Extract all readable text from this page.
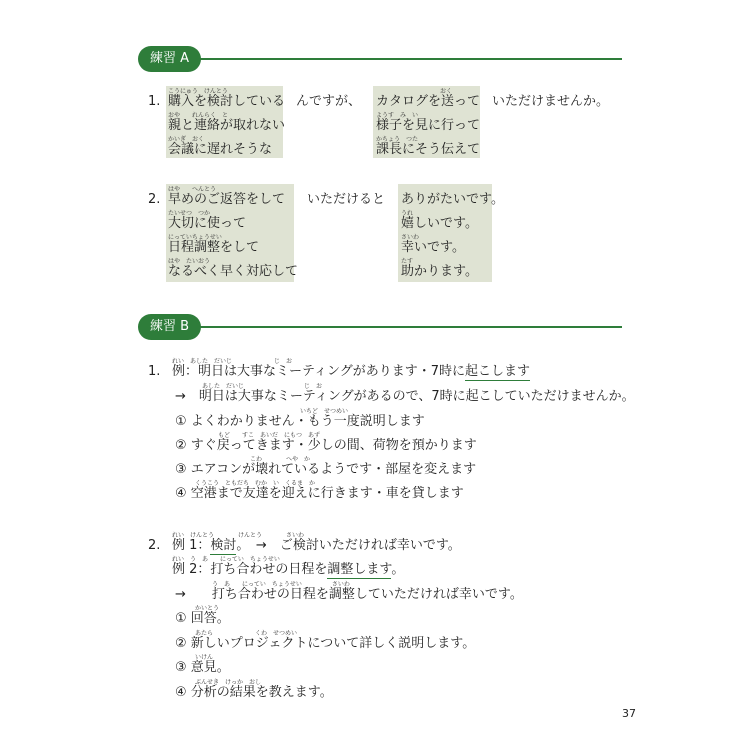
練習 A
1.
こうにゅう　けんとう
購入を検討している
おや　　れんらく　と
親と連絡が取れない
かいぎ　おく
会議に遅れそうな
んですが、
おく
カタログを送って
ようす　み　い
様子を見に行って
かちょう　つた
課長にそう伝えて
いただけませんか。
2.
はや　　へんとう
早めのご返答をして
たいせつ　つか
大切に使って
にっていちょうせい
日程調整をして
はや　たいおう
なるべく早く対応して
いただけると ありがたいです。
うれ
嬉しいです。
さいわ
幸いです。
たす
助かります。
練習 B
1.
れい　あした　だいじ　　　　　　　じ　お
例：明日は大事なミーティングがあります・7時に起こします
あした　だいじ　　　　　　　　　　じ　お
→　明日は大事なミーティングがあるので、7時に起こしていただけませんか。
いちど　せつめい
① よくわかりません・もう一度説明します
もど　　すこ　あいだ　にもつ　あず
② すぐ戻ってきます・少しの間、荷物を預かります
こわ　　　　へや　か
③ エアコンが壊れているようです・部屋を変えます
くうこう　ともだち　むか　い　くるま　か
④ 空港まで友達を迎えに行きます・車を貸します
2.
れい　けんとう　　　　けんとう　　　　さいわ
例 1：検討。　→　ご検討いただければ幸いです。
れい　う　あ　　にってい　ちょうせい
例 2：打ち合わせの日程を調整します。
う　あ　　にってい　ちょうせい　　　　　さいわ
→　　打ち合わせの日程を調整していただければ幸いです。
かいとう
① 回答。
あたら　　　　　　　くわ　せつめい
② 新しいプロジェクトについて詳しく説明します。
いけん
③ 意見。
ぶんせき　けっか　おし
④ 分析の結果を教えます。
37
